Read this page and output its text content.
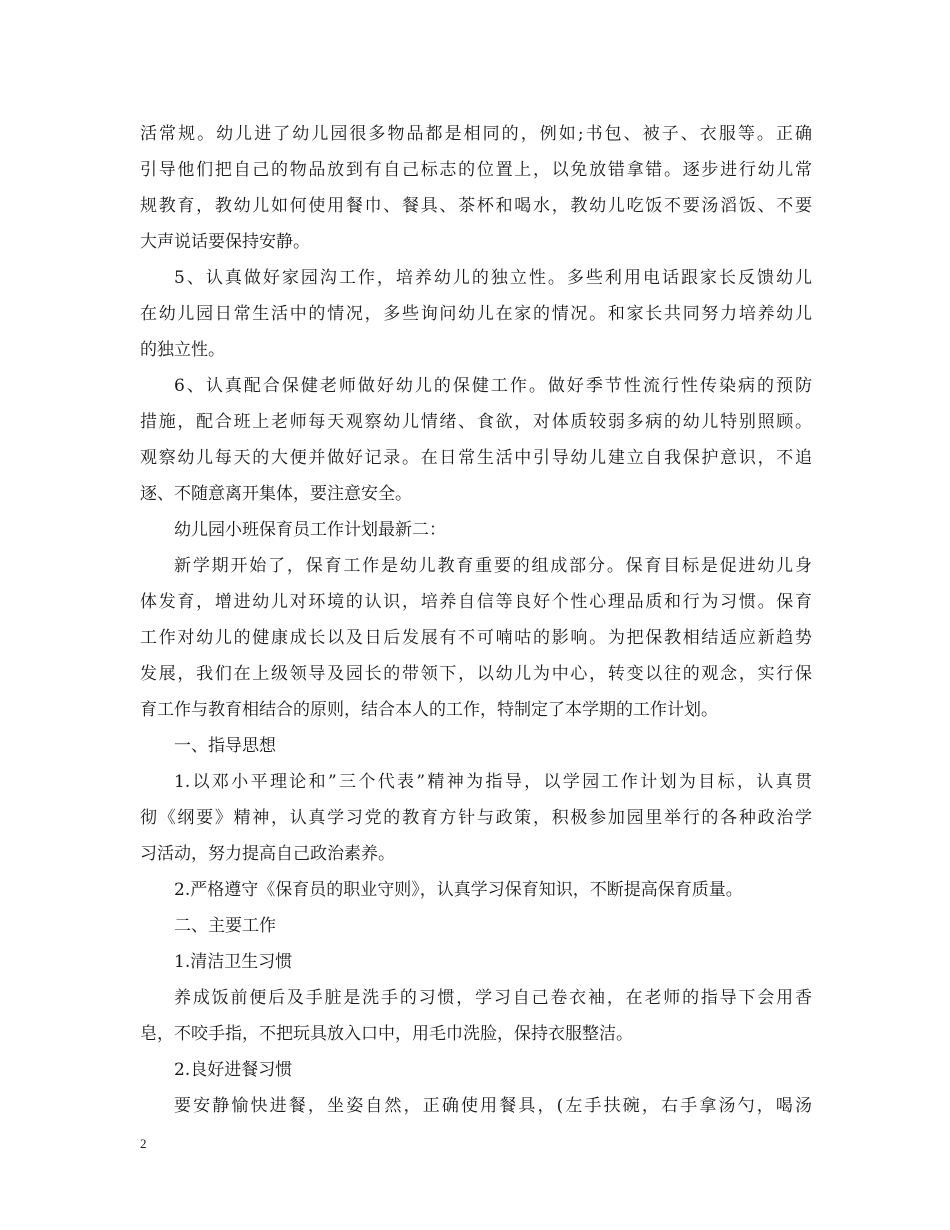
活常规。幼儿进了幼儿园很多物品都是相同的，例如;书包、被子、衣服等。正确
引导他们把自己的物品放到有自己标志的位置上，以免放错拿错。逐步进行幼儿常
规教育，教幼儿如何使用餐巾、餐具、茶杯和喝水，教幼儿吃饭不要汤滔饭、不要
大声说话要保持安静。
5、认真做好家园沟工作，培养幼儿的独立性。多些利用电话跟家长反馈幼儿
在幼儿园日常生活中的情况，多些询问幼儿在家的情况。和家长共同努力培养幼儿
的独立性。
6、认真配合保健老师做好幼儿的保健工作。做好季节性流行性传染病的预防
措施，配合班上老师每天观察幼儿情绪、食欲，对体质较弱多病的幼儿特别照顾。
观察幼儿每天的大便并做好记录。在日常生活中引导幼儿建立自我保护意识，不追
逐、不随意离开集体，要注意安全。
幼儿园小班保育员工作计划最新二：
新学期开始了，保育工作是幼儿教育重要的组成部分。保育目标是促进幼儿身
体发育，增进幼儿对环境的认识，培养自信等良好个性心理品质和行为习惯。保育
工作对幼儿的健康成长以及日后发展有不可喃咕的影响。为把保教相结适应新趋势
发展，我们在上级领导及园长的带领下，以幼儿为中心，转变以往的观念，实行保
育工作与教育相结合的原则，结合本人的工作，特制定了本学期的工作计划。
一、指导思想
1.以邓小平理论和”三个代表”精神为指导，以学园工作计划为目标，认真贯
彻《纲要》精神，认真学习党的教育方针与政策，积极参加园里举行的各种政治学
习活动，努力提高自己政治素养。
2.严格遵守《保育员的职业守则》，认真学习保育知识，不断提高保育质量。
二、主要工作
1.清洁卫生习惯
养成饭前便后及手脏是洗手的习惯，学习自己卷衣袖，在老师的指导下会用香
皂，不咬手指，不把玩具放入口中，用毛巾洗脸，保持衣服整洁。
2.良好进餐习惯
要安静愉快进餐，坐姿自然，正确使用餐具，(左手扶碗，右手拿汤勺，喝汤
2
